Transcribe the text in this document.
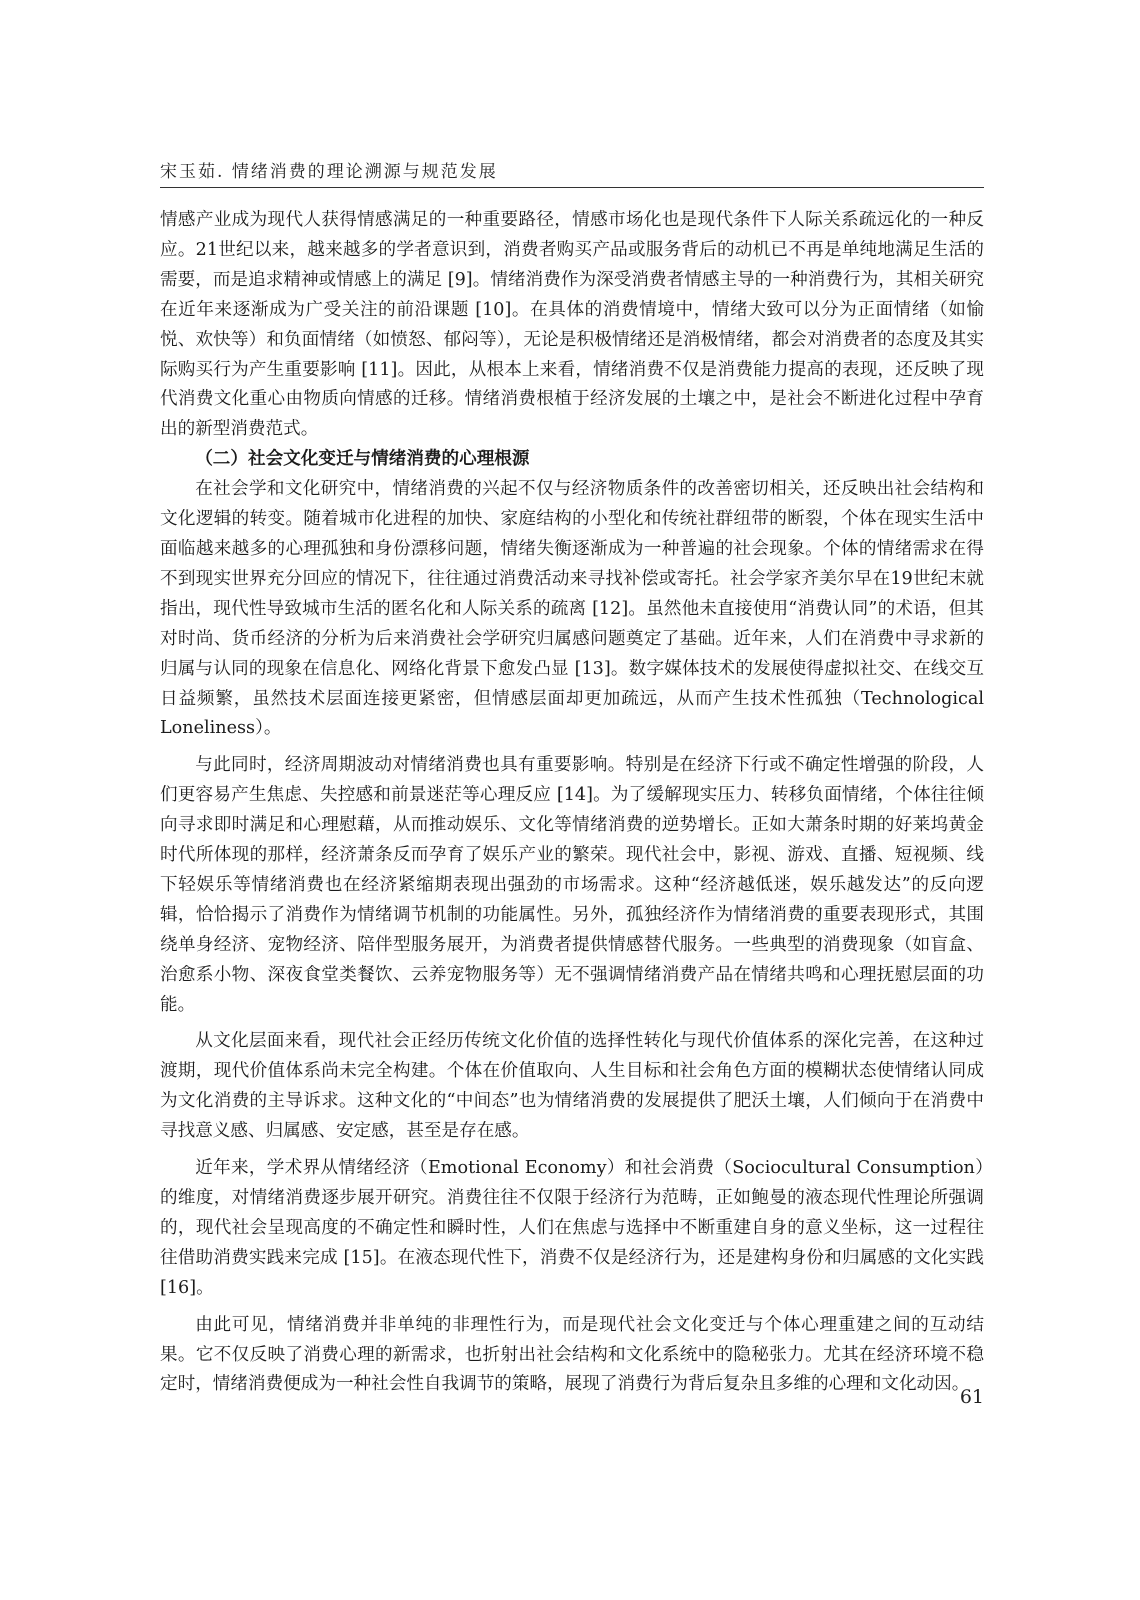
宋玉茹. 情绪消费的理论溯源与规范发展

情感产业成为现代人获得情感满足的一种重要路径，情感市场化也是现代条件下人际关系疏远化的一种反应。21世纪以来，越来越多的学者意识到，消费者购买产品或服务背后的动机已不再是单纯地满足生活的需要，而是追求精神或情感上的满足 [9]。情绪消费作为深受消费者情感主导的一种消费行为，其相关研究在近年来逐渐成为广受关注的前沿课题 [10]。在具体的消费情境中，情绪大致可以分为正面情绪（如愉悦、欢快等）和负面情绪（如愤怒、郁闷等），无论是积极情绪还是消极情绪，都会对消费者的态度及其实际购买行为产生重要影响 [11]。因此，从根本上来看，情绪消费不仅是消费能力提高的表现，还反映了现代消费文化重心由物质向情感的迁移。情绪消费根植于经济发展的土壤之中，是社会不断进化过程中孕育出的新型消费范式。

（二）社会文化变迁与情绪消费的心理根源

在社会学和文化研究中，情绪消费的兴起不仅与经济物质条件的改善密切相关，还反映出社会结构和文化逻辑的转变。随着城市化进程的加快、家庭结构的小型化和传统社群纽带的断裂，个体在现实生活中面临越来越多的心理孤独和身份漂移问题，情绪失衡逐渐成为一种普遍的社会现象。个体的情绪需求在得不到现实世界充分回应的情况下，往往通过消费活动来寻找补偿或寄托。社会学家齐美尔早在19世纪末就指出，现代性导致城市生活的匿名化和人际关系的疏离 [12]。虽然他未直接使用“消费认同”的术语，但其对时尚、货币经济的分析为后来消费社会学研究归属感问题奠定了基础。近年来，人们在消费中寻求新的归属与认同的现象在信息化、网络化背景下愈发凸显 [13]。数字媒体技术的发展使得虚拟社交、在线交互日益频繁，虽然技术层面连接更紧密，但情感层面却更加疏远，从而产生技术性孤独（Technological Loneliness）。

与此同时，经济周期波动对情绪消费也具有重要影响。特别是在经济下行或不确定性增强的阶段，人们更容易产生焦虑、失控感和前景迷茫等心理反应 [14]。为了缓解现实压力、转移负面情绪，个体往往倾向寻求即时满足和心理慰藉，从而推动娱乐、文化等情绪消费的逆势增长。正如大萧条时期的好莱坞黄金时代所体现的那样，经济萧条反而孕育了娱乐产业的繁荣。现代社会中，影视、游戏、直播、短视频、线下轻娱乐等情绪消费也在经济紧缩期表现出强劲的市场需求。这种“经济越低迷，娱乐越发达”的反向逻辑，恰恰揭示了消费作为情绪调节机制的功能属性。另外，孤独经济作为情绪消费的重要表现形式，其围绕单身经济、宠物经济、陪伴型服务展开，为消费者提供情感替代服务。一些典型的消费现象（如盲盒、治愈系小物、深夜食堂类餐饮、云养宠物服务等）无不强调情绪消费产品在情绪共鸣和心理抚慰层面的功能。

从文化层面来看，现代社会正经历传统文化价值的选择性转化与现代价值体系的深化完善，在这种过渡期，现代价值体系尚未完全构建。个体在价值取向、人生目标和社会角色方面的模糊状态使情绪认同成为文化消费的主导诉求。这种文化的“中间态”也为情绪消费的发展提供了肥沃土壤，人们倾向于在消费中寻找意义感、归属感、安定感，甚至是存在感。

近年来，学术界从情绪经济（Emotional Economy）和社会消费（Sociocultural Consumption）的维度，对情绪消费逐步展开研究。消费往往不仅限于经济行为范畴，正如鲍曼的液态现代性理论所强调的，现代社会呈现高度的不确定性和瞬时性，人们在焦虑与选择中不断重建自身的意义坐标，这一过程往往借助消费实践来完成 [15]。在液态现代性下，消费不仅是经济行为，还是建构身份和归属感的文化实践 [16]。

由此可见，情绪消费并非单纯的非理性行为，而是现代社会文化变迁与个体心理重建之间的互动结果。它不仅反映了消费心理的新需求，也折射出社会结构和文化系统中的隐秘张力。尤其在经济环境不稳定时，情绪消费便成为一种社会性自我调节的策略，展现了消费行为背后复杂且多维的心理和文化动因。

61
